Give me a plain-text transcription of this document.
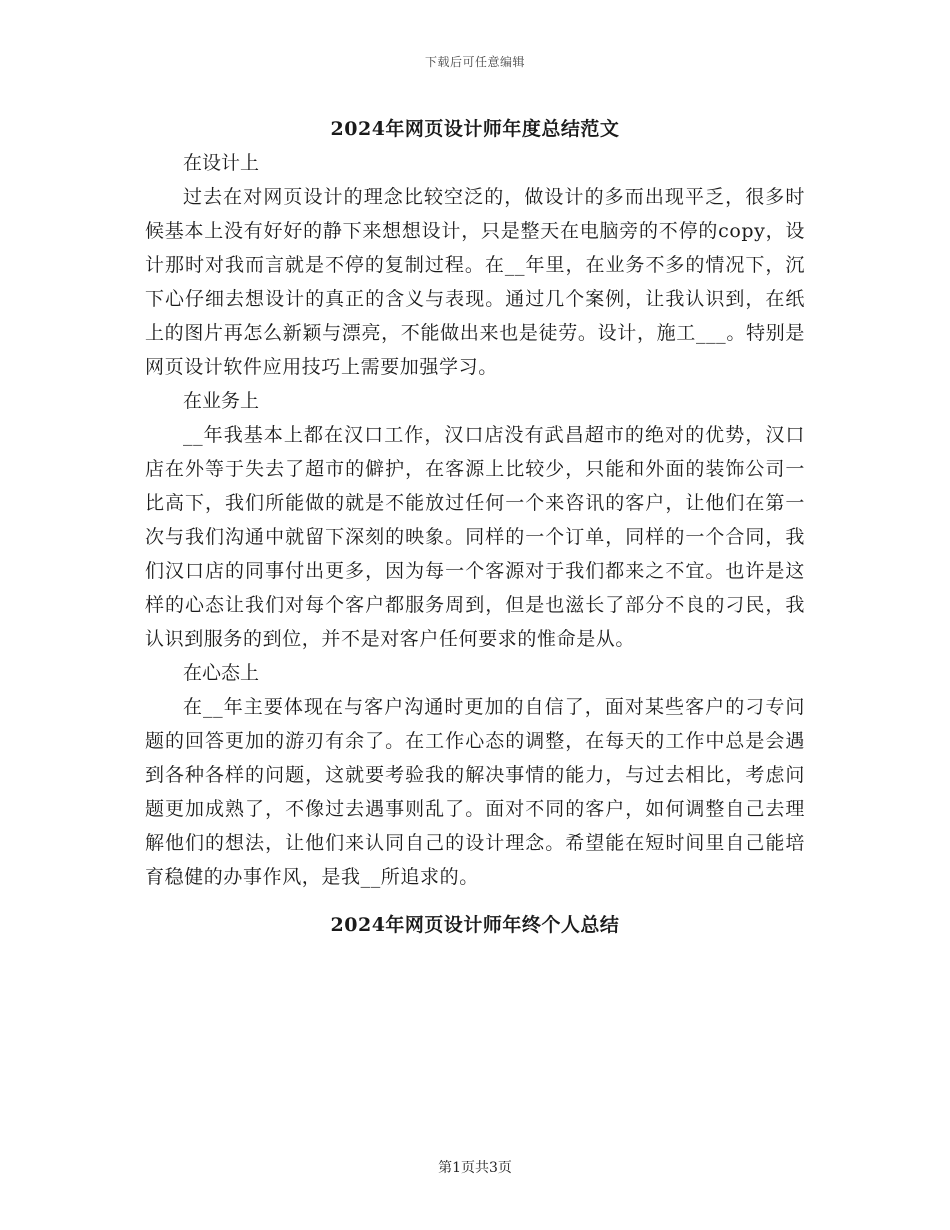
下载后可任意编辑
2024年网页设计师年度总结范文

在设计上

过去在对网页设计的理念比较空泛的，做设计的多而出现平乏，很多时候基本上没有好好的静下来想想设计，只是整天在电脑旁的不停的copy，设计那时对我而言就是不停的复制过程。在__年里，在业务不多的情况下，沉下心仔细去想设计的真正的含义与表现。通过几个案例，让我认识到，在纸上的图片再怎么新颖与漂亮，不能做出来也是徒劳。设计，施工___。特别是网页设计软件应用技巧上需要加强学习。

在业务上

__年我基本上都在汉口工作，汉口店没有武昌超市的绝对的优势，汉口店在外等于失去了超市的僻护，在客源上比较少，只能和外面的装饰公司一比高下，我们所能做的就是不能放过任何一个来咨讯的客户，让他们在第一次与我们沟通中就留下深刻的映象。同样的一个订单，同样的一个合同，我们汉口店的同事付出更多，因为每一个客源对于我们都来之不宜。也许是这样的心态让我们对每个客户都服务周到，但是也滋长了部分不良的刁民，我认识到服务的到位，并不是对客户任何要求的惟命是从。

在心态上

在__年主要体现在与客户沟通时更加的自信了，面对某些客户的刁专问题的回答更加的游刃有余了。在工作心态的调整，在每天的工作中总是会遇到各种各样的问题，这就要考验我的解决事情的能力，与过去相比，考虑问题更加成熟了，不像过去遇事则乱了。面对不同的客户，如何调整自己去理解他们的想法，让他们来认同自己的设计理念。希望能在短时间里自己能培育稳健的办事作风，是我__所追求的。

2024年网页设计师年终个人总结
第1页共3页
